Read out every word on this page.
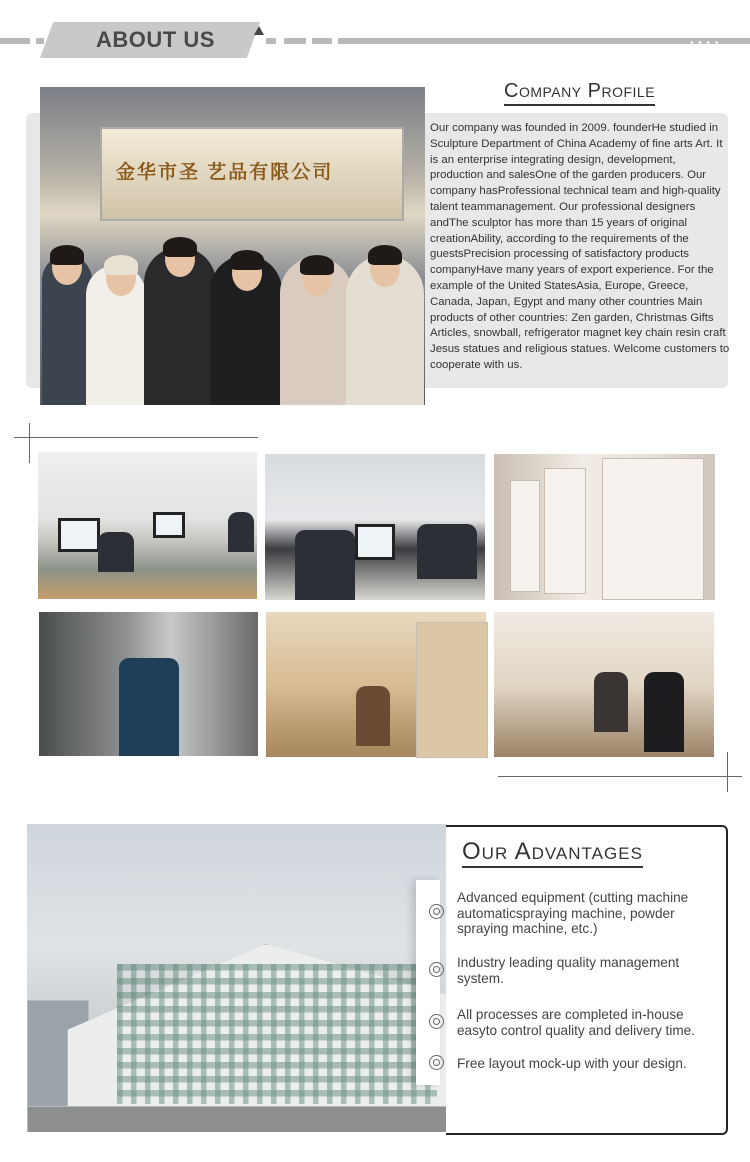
ABOUT US	• • • •
金华市圣 艺品有限公司
Company Profile
Our company was founded in 2009. founderHe studied in Sculpture Department of China Academy of fine arts Art. It is an enterprise integrating design, development, production and salesOne of the garden producers. Our company hasProfessional technical team and high-quality talent teammanagement. Our professional designers andThe sculptor has more than 15 years of original creationAbility, according to the requirements of the guestsPrecision processing of satisfactory products companyHave many years of export experience. For the example of the United StatesAsia, Europe, Greece, Canada, Japan, Egypt and many other countries Main products of other countries: Zen garden, Christmas Gifts Articles, snowball, refrigerator magnet key chain resin craft Jesus statues and religious statues. Welcome customers to cooperate with us.
Our Advantages
Advanced equipment (cutting machine automaticspraying machine, powder spraying machine, etc.)
Industry leading quality management system.
All processes are completed in-house easyto control quality and delivery time.
Free layout mock-up with your design.
